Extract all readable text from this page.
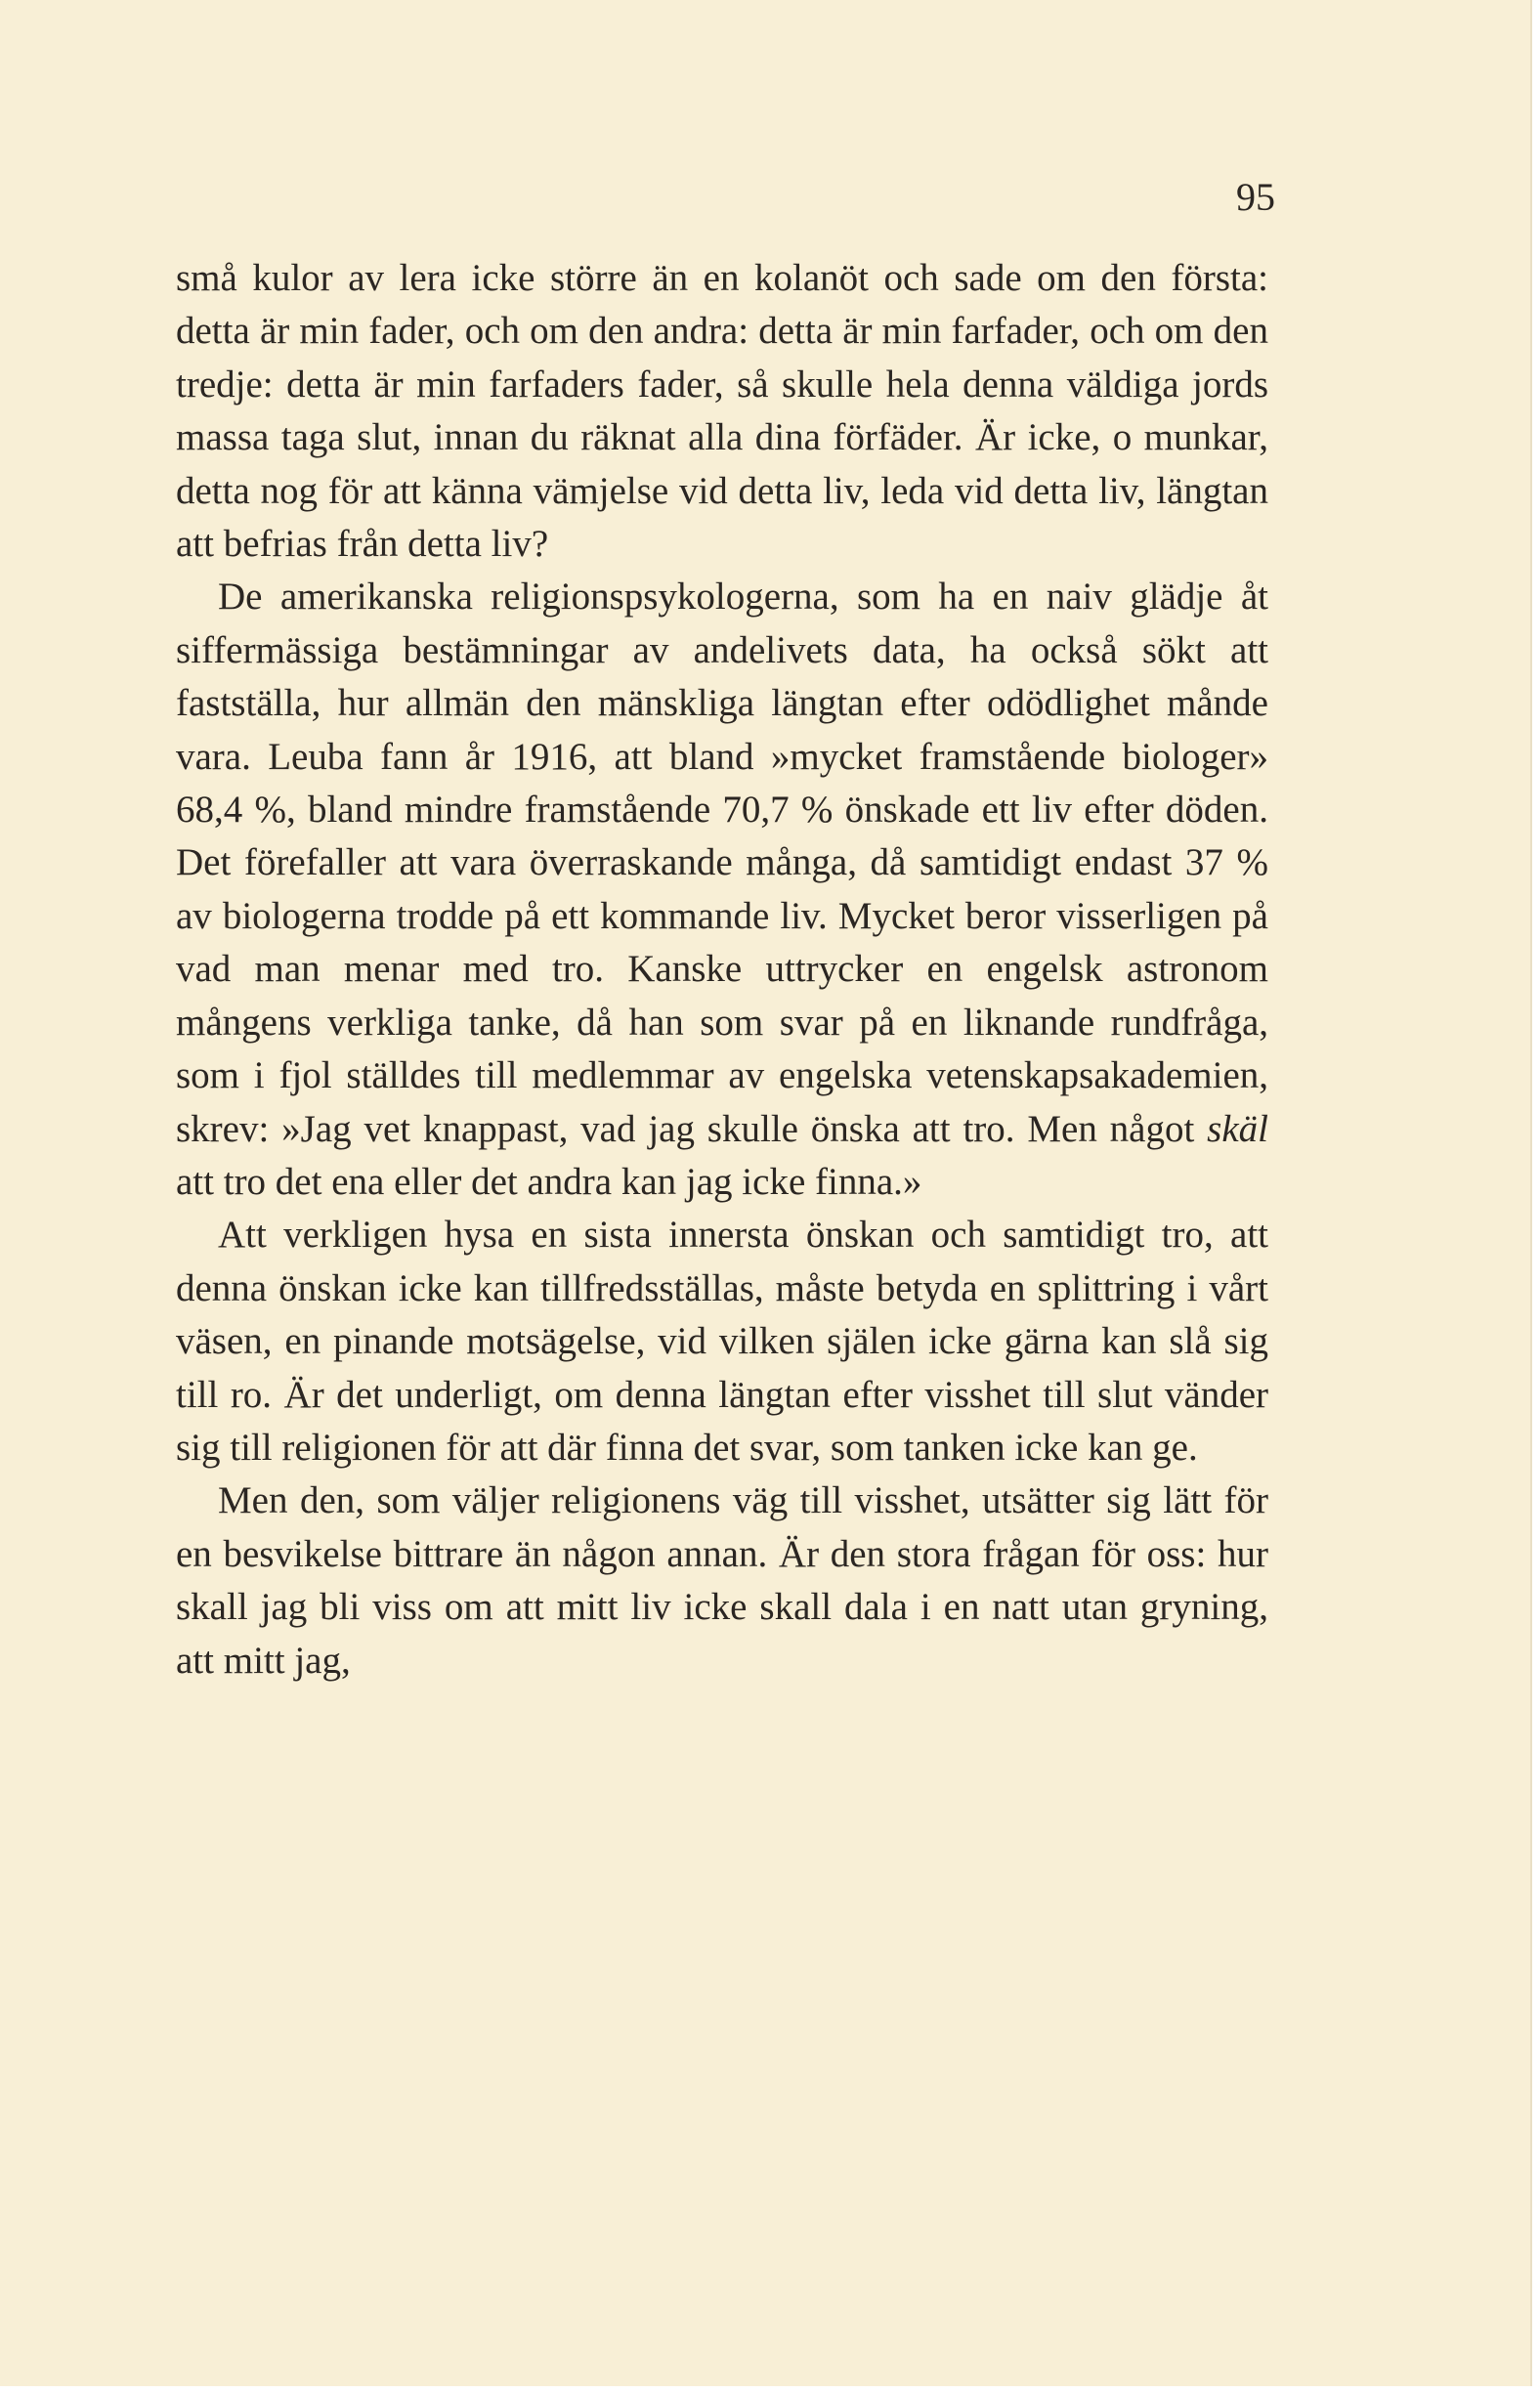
95

små kulor av lera icke större än en kolanöt och sade om den första: detta är min fader, och om den andra: detta är min farfader, och om den tredje: detta är min farfaders fader, så skulle hela denna väldiga jords massa taga slut, innan du räknat alla dina förfäder. Är icke, o munkar, detta nog för att känna vämjelse vid detta liv, leda vid detta liv, längtan att befrias från detta liv?

De amerikanska religionspsykologerna, som ha en naiv glädje åt siffermässiga bestämningar av andelivets data, ha också sökt att fastställa, hur allmän den mänskliga längtan efter odödlighet månde vara. Leuba fann år 1916, att bland »mycket framstående biologer» 68,4 %, bland mindre framstående 70,7 % önskade ett liv efter döden. Det förefaller att vara överraskande många, då samtidigt endast 37 % av biologerna trodde på ett kommande liv. Mycket beror visserligen på vad man menar med tro. Kanske uttrycker en engelsk astronom mångens verkliga tanke, då han som svar på en liknande rundfråga, som i fjol ställdes till medlemmar av engelska vetenskapsakademien, skrev: »Jag vet knappast, vad jag skulle önska att tro. Men något skäl att tro det ena eller det andra kan jag icke finna.»

Att verkligen hysa en sista innersta önskan och samtidigt tro, att denna önskan icke kan tillfredsställas, måste betyda en splittring i vårt väsen, en pinande motsägelse, vid vilken själen icke gärna kan slå sig till ro. Är det underligt, om denna längtan efter visshet till slut vänder sig till religionen för att där finna det svar, som tanken icke kan ge.

Men den, som väljer religionens väg till visshet, utsätter sig lätt för en besvikelse bittrare än någon annan. Är den stora frågan för oss: hur skall jag bli viss om att mitt liv icke skall dala i en natt utan gryning, att mitt jag,
